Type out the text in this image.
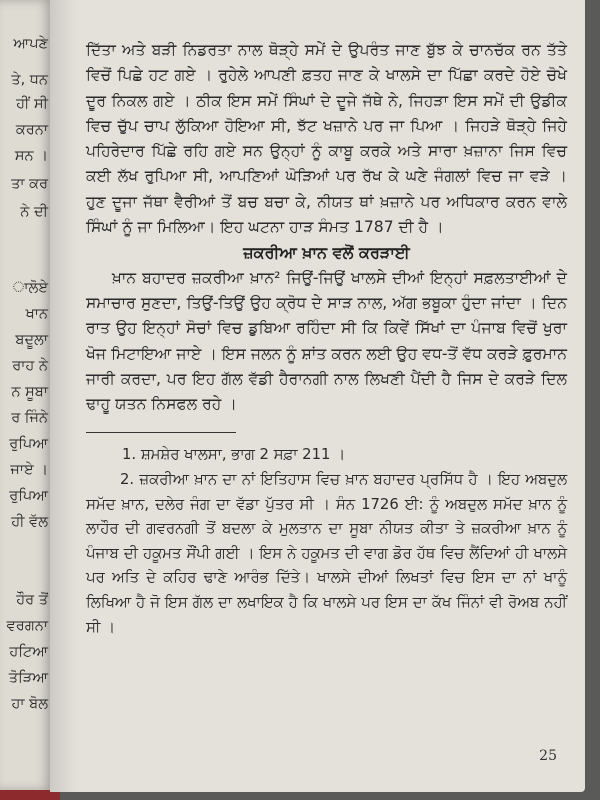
ਆਪਣੇ
ਤੇ, ਧਨ
ਹੀਂ ਸੀ
ਕਰਨਾ
ਸਨ ।
ਤਾ ਕਰ
ਨੇ ਦੀ
ਾਲੋਏ
ਖਾਨ
ਬਦੂਲਾ
ਰਾਹ ਨੇ
ਨ ਸੂਬਾ
ਰ ਜਿੰਨੇ
ਰੁਪਿਆ
ਜਾਏ ।
ਰੁਪਿਆ
ਹੀ ਵੱਲ
ਹੌਰ ਤੋਂ
ਵਰਗਨਾ
ਹਟਿਆ
ਤੋੜਿਆ
ਹਾ ਬੋਲ

ਦਿੱਤਾ ਅਤੇ ਬੜੀ ਨਿਡਰਤਾ ਨਾਲ ਥੋੜ੍ਹੇ ਸਮੇਂ ਦੇ ਉਪਰੰਤ ਜਾਣ ਬੁੱਝ ਕੇ ਚਾਨਚੱਕ ਰਨ ਤੱਤੇ ਵਿਚੋਂ ਪਿਛੇ ਹਟ ਗਏ । ਰੁਹੇਲੇ ਆਪਣੀ ਫ਼ਤਹ ਜਾਣ ਕੇ ਖਾਲਸੇ ਦਾ ਪਿੱਛਾ ਕਰਦੇ ਹੋਏ ਚੋਖੇ ਦੂਰ ਨਿਕਲ ਗਏ । ਠੀਕ ਇਸ ਸਮੇਂ ਸਿੰਘਾਂ ਦੇ ਦੂਜੇ ਜੱਥੇ ਨੇ, ਜਿਹੜਾ ਇਸ ਸਮੇਂ ਦੀ ਉਡੀਕ ਵਿਚ ਚੁੱਪ ਚਾਪ ਲੁੱਕਿਆ ਹੋਇਆ ਸੀ, ਝੱਟ ਖਜ਼ਾਨੇ ਪਰ ਜਾ ਪਿਆ । ਜਿਹੜੇ ਥੋੜ੍ਹੇ ਜਿਹੇ ਪਹਿਰੇਦਾਰ ਪਿੱਛੇ ਰਹਿ ਗਏ ਸਨ ਉਨ੍ਹਾਂ ਨੂੰ ਕਾਬੂ ਕਰਕੇ ਅਤੇ ਸਾਰਾ ਖ਼ਜ਼ਾਨਾ ਜਿਸ ਵਿਚ ਕਈ ਲੱਖ ਰੁਪਿਆ ਸੀ, ਆਪਣਿਆਂ ਘੋੜਿਆਂ ਪਰ ਰੱਖ ਕੇ ਘਣੇ ਜੰਗਲਾਂ ਵਿਚ ਜਾ ਵੜੇ । ਹੁਣ ਦੂਜਾ ਜੱਥਾ ਵੈਰੀਆਂ ਤੋਂ ਬਚ ਬਚਾ ਕੇ, ਨੀਯਤ ਥਾਂ ਖ਼ਜ਼ਾਨੇ ਪਰ ਅਧਿਕਾਰ ਕਰਨ ਵਾਲੇ ਸਿੰਘਾਂ ਨੂੰ ਜਾ ਮਿਲਿਆ। ਇਹ ਘਟਨਾ ਹਾੜ ਸੰਮਤ 1787 ਦੀ ਹੈ ।

ਜ਼ਕਰੀਆ ਖ਼ਾਨ ਵਲੋਂ ਕਰੜਾਈ

ਖ਼ਾਨ ਬਹਾਦਰ ਜ਼ਕਰੀਆ ਖ਼ਾਨ² ਜਿਉਂ-ਜਿਉਂ ਖਾਲਸੇ ਦੀਆਂ ਇਨ੍ਹਾਂ ਸਫ਼ਲਤਾਈਆਂ ਦੇ ਸਮਾਚਾਰ ਸੁਣਦਾ, ਤਿਉਂ-ਤਿਉਂ ਉਹ ਕ੍ਰੋਧ ਦੇ ਸਾੜ ਨਾਲ, ਅੱਗ ਭਬੂਕਾ ਹੁੰਦਾ ਜਾਂਦਾ । ਦਿਨ ਰਾਤ ਉਹ ਇਨ੍ਹਾਂ ਸੋਚਾਂ ਵਿਚ ਡੁਬਿਆ ਰਹਿੰਦਾ ਸੀ ਕਿ ਕਿਵੇਂ ਸਿੱਖਾਂ ਦਾ ਪੰਜਾਬ ਵਿਚੋਂ ਖੁਰਾ ਖੋਜ ਮਿਟਾਇਆ ਜਾਏ । ਇਸ ਜਲਨ ਨੂੰ ਸ਼ਾਂਤ ਕਰਨ ਲਈ ਉਹ ਵਧ-ਤੋਂ ਵੱਧ ਕਰੜੇ ਫ਼ੁਰਮਾਨ ਜਾਰੀ ਕਰਦਾ, ਪਰ ਇਹ ਗੱਲ ਵੱਡੀ ਹੈਰਾਨਗੀ ਨਾਲ ਲਿਖਣੀ ਪੈਂਦੀ ਹੈ ਜਿਸ ਦੇ ਕਰੜੇ ਦਿਲ ਢਾਹੂ ਯਤਨ ਨਿਸਫਲ ਰਹੇ ।

1. ਸ਼ਮਸ਼ੇਰ ਖਾਲਸਾ, ਭਾਗ 2 ਸਫ਼ਾ 211 ।

2. ਜ਼ਕਰੀਆ ਖ਼ਾਨ ਦਾ ਨਾਂ ਇਤਿਹਾਸ ਵਿਚ ਖ਼ਾਨ ਬਹਾਦਰ ਪ੍ਰਸਿੱਧ ਹੈ । ਇਹ ਅਬਦੁਲ ਸਮੱਦ ਖ਼ਾਨ, ਦਲੇਰ ਜੰਗ ਦਾ ਵੱਡਾ ਪੁੱਤਰ ਸੀ । ਸੰਨ 1726 ਈ: ਨੂੰ ਅਬਦੁਲ ਸਮੱਦ ਖ਼ਾਨ ਨੂੰ ਲਾਹੌਰ ਦੀ ਗਵਰਨਗੀ ਤੋਂ ਬਦਲਾ ਕੇ ਮੁਲਤਾਨ ਦਾ ਸੂਬਾ ਨੀਯਤ ਕੀਤਾ ਤੇ ਜ਼ਕਰੀਆ ਖ਼ਾਨ ਨੂੰ ਪੰਜਾਬ ਦੀ ਹਕੂਮਤ ਸੌਂਪੀ ਗਈ । ਇਸ ਨੇ ਹਕੂਮਤ ਦੀ ਵਾਗ ਡੋਰ ਹੱਥ ਵਿਚ ਲੈਂਦਿਆਂ ਹੀ ਖਾਲਸੇ ਪਰ ਅਤਿ ਦੇ ਕਹਿਰ ਢਾਣੇ ਆਰੰਭ ਦਿੱਤੇ। ਖਾਲਸੇ ਦੀਆਂ ਲਿਖਤਾਂ ਵਿਚ ਇਸ ਦਾ ਨਾਂ ਖਾਨੂੰ ਲਿਖਿਆ ਹੈ ਜੋ ਇਸ ਗੱਲ ਦਾ ਲਖਾਇਕ ਹੈ ਕਿ ਖਾਲਸੇ ਪਰ ਇਸ ਦਾ ਕੱਖ ਜਿੰਨਾਂ ਵੀ ਰੋਅਬ ਨਹੀਂ ਸੀ ।

25
